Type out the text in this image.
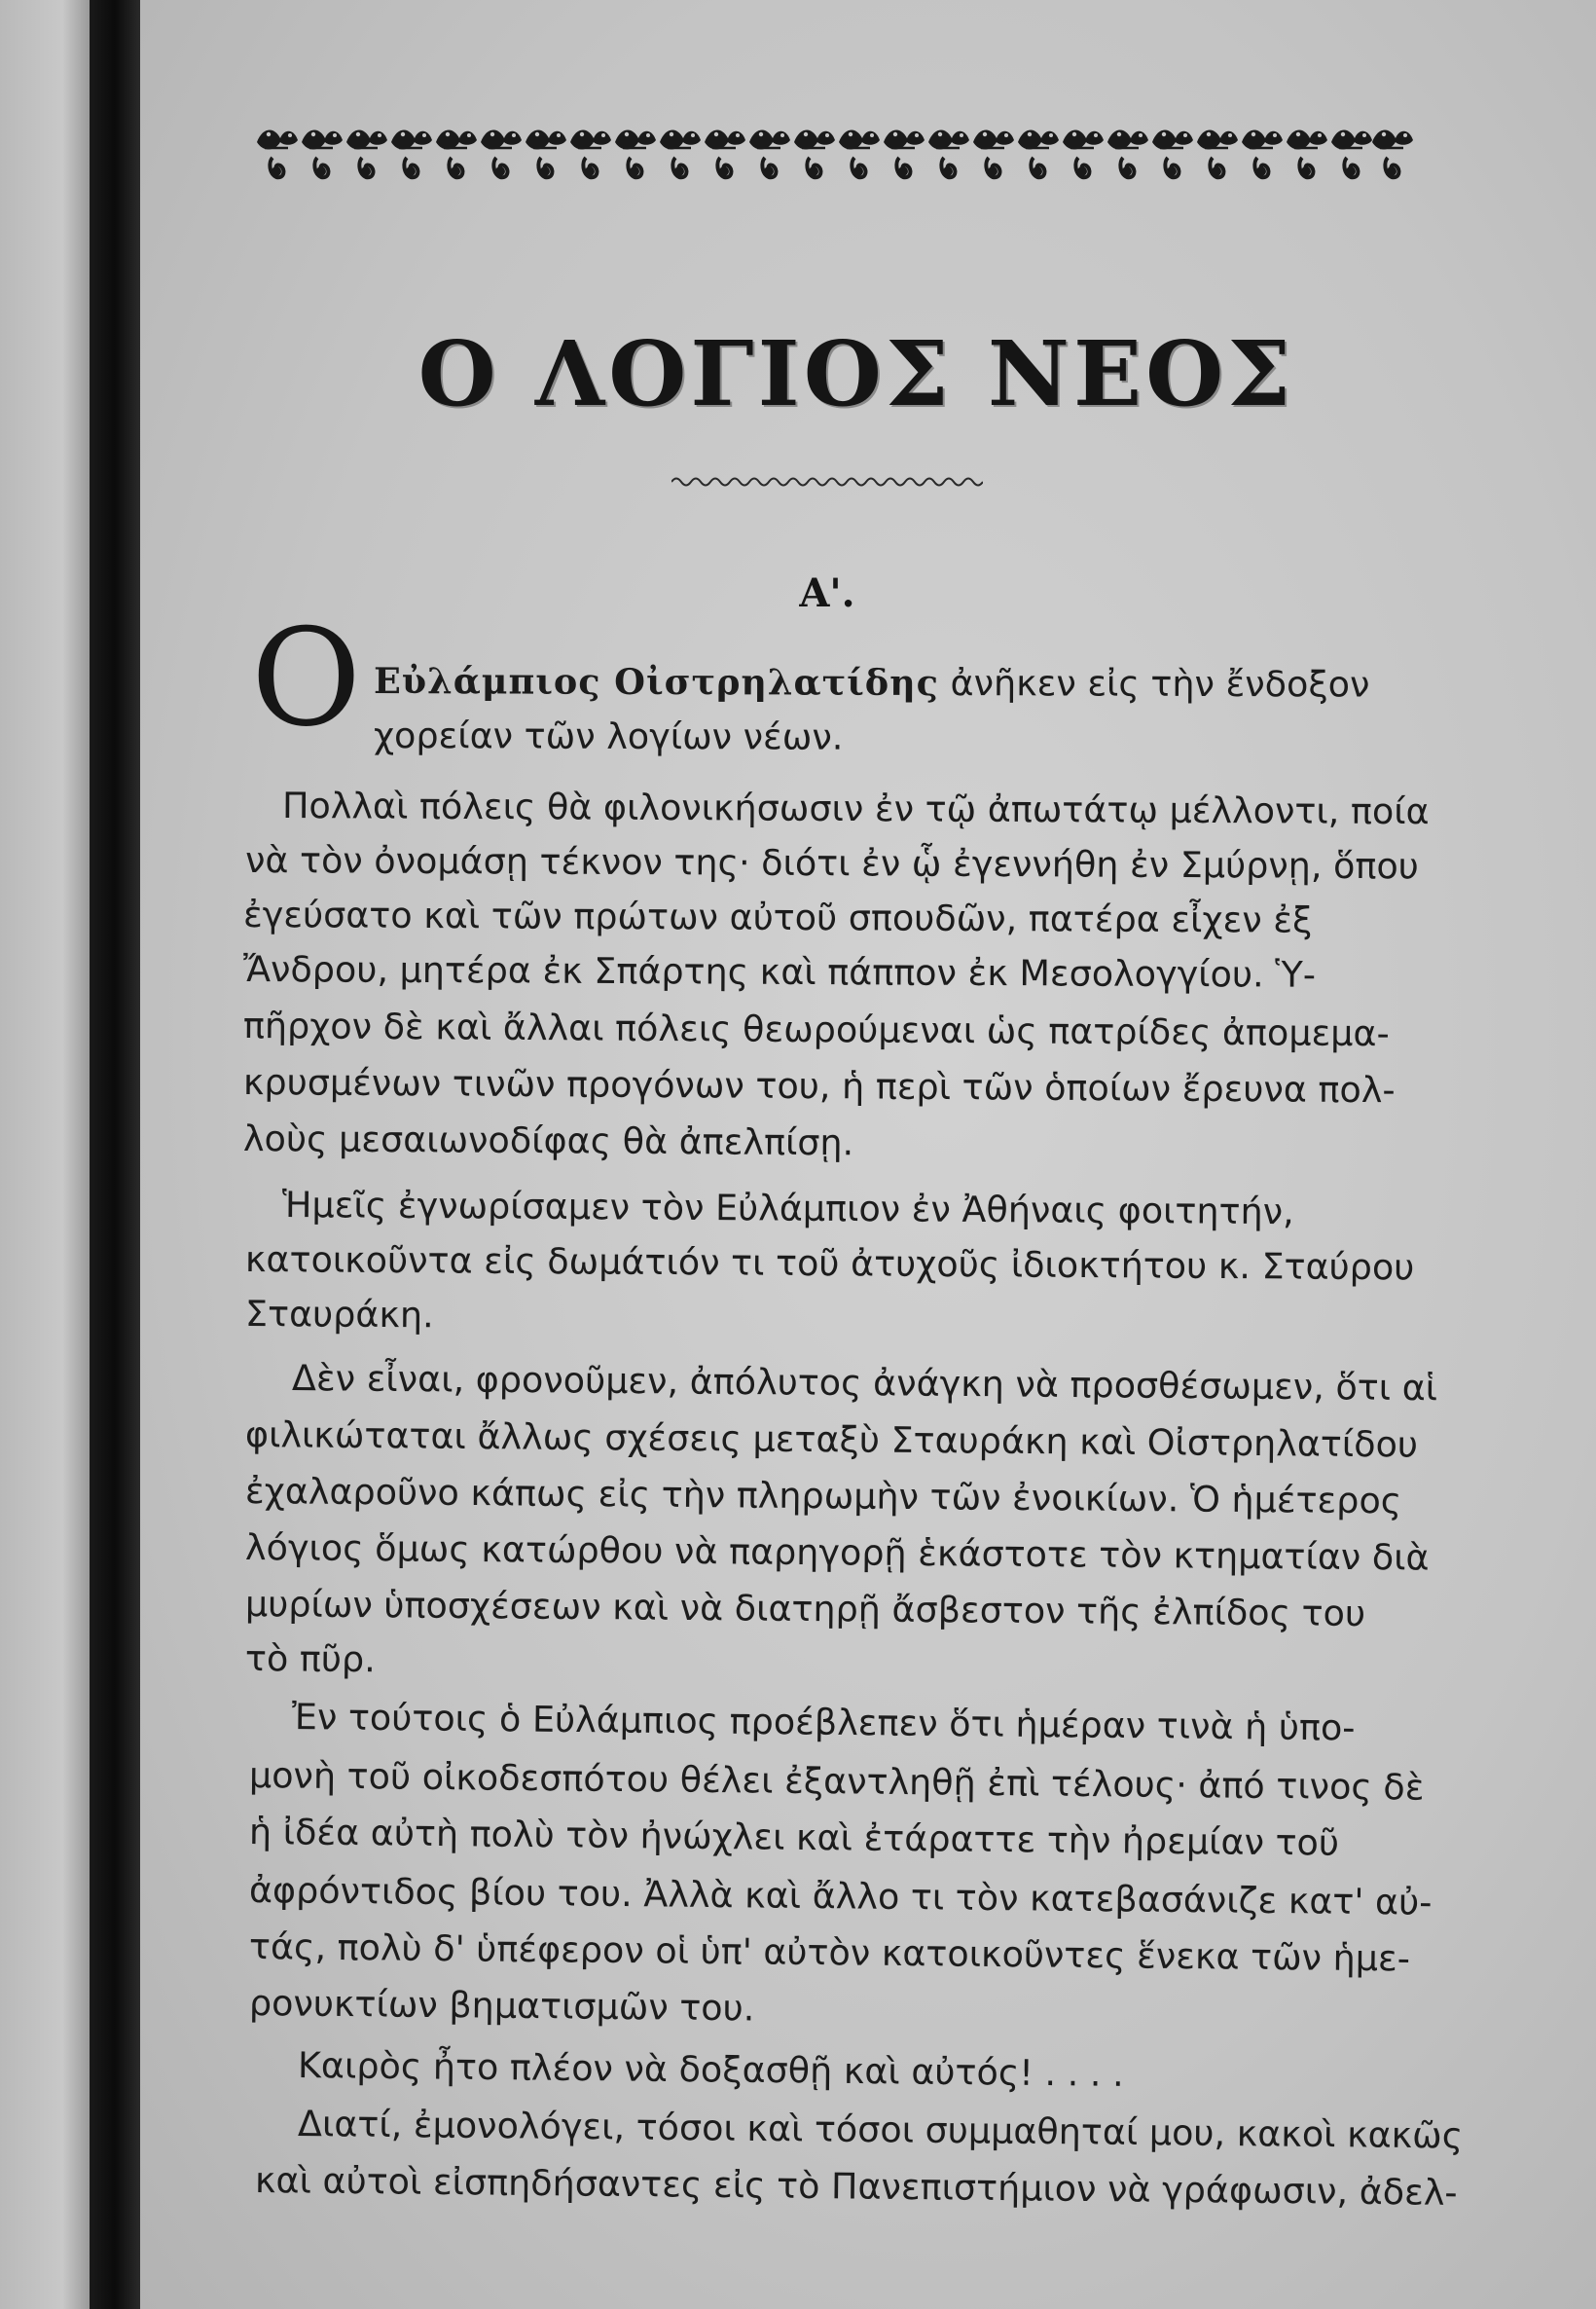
Ο ΛΟΓΙΟΣ ΝΕΟΣ
Α'.
Ο Εὐλάμπιος Οἰστρηλατίδης ἀνῆκεν εἰς τὴν ἔνδοξον
χορείαν τῶν λογίων νέων.
Πολλαὶ πόλεις θὰ φιλονικήσωσιν ἐν τῷ ἀπωτάτῳ μέλλοντι, ποία
νὰ τὸν ὀνομάσῃ τέκνον της· διότι ἐν ᾧ ἐγεννήθη ἐν Σμύρνῃ, ὅπου
ἐγεύσατο καὶ τῶν πρώτων αὐτοῦ σπουδῶν, πατέρα εἶχεν ἐξ
Ἄνδρου, μητέρα ἐκ Σπάρτης καὶ πάππον ἐκ Μεσολογγίου. Ὑ-
πῆρχον δὲ καὶ ἄλλαι πόλεις θεωρούμεναι ὡς πατρίδες ἀπομεμα-
κρυσμένων τινῶν προγόνων του, ἡ περὶ τῶν ὁποίων ἔρευνα πολ-
λοὺς μεσαιωνοδίφας θὰ ἀπελπίσῃ.
Ἡμεῖς ἐγνωρίσαμεν τὸν Εὐλάμπιον ἐν Ἀθήναις φοιτητήν,
κατοικοῦντα εἰς δωμάτιόν τι τοῦ ἀτυχοῦς ἰδιοκτήτου κ. Σταύρου
Σταυράκη.
Δὲν εἶναι, φρονοῦμεν, ἀπόλυτος ἀνάγκη νὰ προσθέσωμεν, ὅτι αἱ
φιλικώταται ἄλλως σχέσεις μεταξὺ Σταυράκη καὶ Οἰστρηλατίδου
ἐχαλαροῦνο κάπως εἰς τὴν πληρωμὴν τῶν ἐνοικίων. Ὁ ἡμέτερος
λόγιος ὅμως κατώρθου νὰ παρηγορῇ ἑκάστοτε τὸν κτηματίαν διὰ
μυρίων ὑποσχέσεων καὶ νὰ διατηρῇ ἄσβεστον τῆς ἐλπίδος του
τὸ πῦρ.
Ἐν τούτοις ὁ Εὐλάμπιος προέβλεπεν ὅτι ἡμέραν τινὰ ἡ ὑπο-
μονὴ τοῦ οἰκοδεσπότου θέλει ἐξαντληθῇ ἐπὶ τέλους· ἀπό τινος δὲ
ἡ ἰδέα αὐτὴ πολὺ τὸν ἠνώχλει καὶ ἐτάραττε τὴν ἠρεμίαν τοῦ
ἀφρόντιδος βίου του. Ἀλλὰ καὶ ἄλλο τι τὸν κατεβασάνιζε κατ' αὐ-
τάς, πολὺ δ' ὑπέφερον οἱ ὑπ' αὐτὸν κατοικοῦντες ἕνεκα τῶν ἡμε-
ρονυκτίων βηματισμῶν του.
Καιρὸς ἦτο πλέον νὰ δοξασθῇ καὶ αὐτός! . . . .
Διατί, ἐμονολόγει, τόσοι καὶ τόσοι συμμαθηταί μου, κακοὶ κακῶς
καὶ αὐτοὶ εἰσπηδήσαντες εἰς τὸ Πανεπιστήμιον νὰ γράφωσιν, ἀδελ-
